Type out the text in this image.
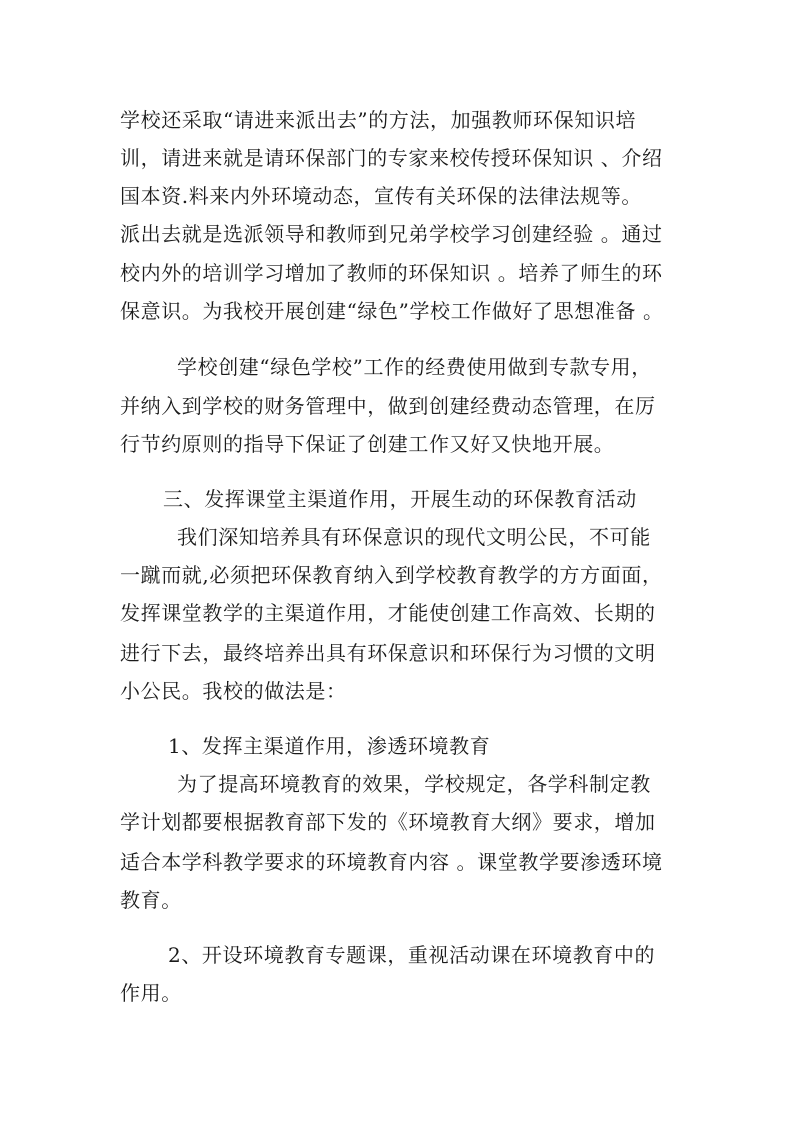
学校还采取“请进来派出去”的方法，加强教师环保知识培
训，请进来就是请环保部门的专家来校传授环保知识 、介绍
国本资.料来内外环境动态，宣传有关环保的法律法规等。
派出去就是选派领导和教师到兄弟学校学习创建经验 。通过
校内外的培训学习增加了教师的环保知识 。培养了师生的环
保意识。为我校开展创建“绿色”学校工作做好了思想准备 。
学校创建“绿色学校”工作的经费使用做到专款专用，
并纳入到学校的财务管理中，做到创建经费动态管理，在厉
行节约原则的指导下保证了创建工作又好又快地开展。
三、发挥课堂主渠道作用，开展生动的环保教育活动
我们深知培养具有环保意识的现代文明公民，不可能
一蹴而就,必须把环保教育纳入到学校教育教学的方方面面，
发挥课堂教学的主渠道作用，才能使创建工作高效、长期的
进行下去，最终培养出具有环保意识和环保行为习惯的文明
小公民。我校的做法是：
1、发挥主渠道作用，渗透环境教育
为了提高环境教育的效果，学校规定，各学科制定教
学计划都要根据教育部下发的《环境教育大纲》要求，增加
适合本学科教学要求的环境教育内容 。课堂教学要渗透环境
教育。
2、开设环境教育专题课，重视活动课在环境教育中的
作用。
